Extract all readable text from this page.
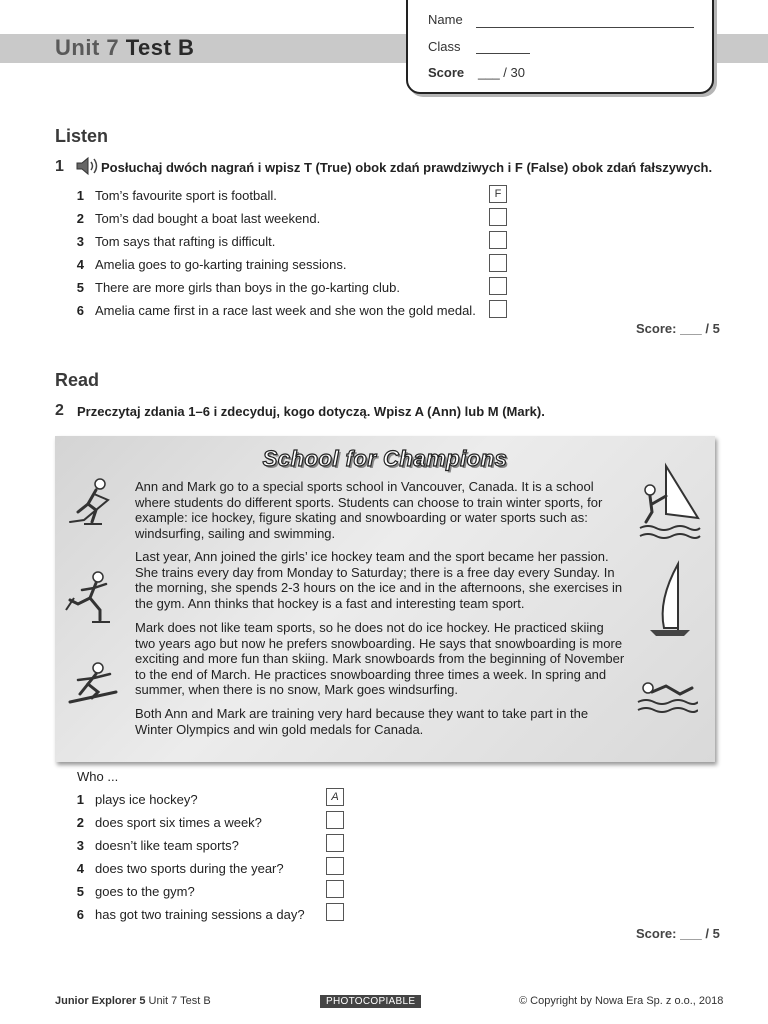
Unit 7 Test B
Name
Class
Score ___ / 30
Listen
1	Posłuchaj dwóch nagrań i wpisz T (True) obok zdań prawdziwych i F (False) obok zdań fałszywych.
1 Tom’s favourite sport is football.	F
2 Tom’s dad bought a boat last weekend.
3 Tom says that rafting is difficult.
4 Amelia goes to go-karting training sessions.
5 There are more girls than boys in the go-karting club.
6 Amelia came first in a race last week and she won the gold medal.
Score: ___ / 5
Read
2 Przeczytaj zdania 1–6 i zdecyduj, kogo dotyczą. Wpisz A (Ann) lub M (Mark).
School for Champions
Ann and Mark go to a special sports school in Vancouver, Canada. It is a school where students do different sports. Students can choose to train winter sports, for example: ice hockey, figure skating and snowboarding or water sports such as: windsurfing, sailing and swimming.
Last year, Ann joined the girls’ ice hockey team and the sport became her passion. She trains every day from Monday to Saturday; there is a free day every Sunday. In the morning, she spends 2-3 hours on the ice and in the afternoons, she exercises in the gym. Ann thinks that hockey is a fast and interesting team sport.
Mark does not like team sports, so he does not do ice hockey. He practiced skiing two years ago but now he prefers snowboarding. He says that snowboarding is more exciting and more fun than skiing. Mark snowboards from the beginning of November to the end of March. He practices snowboarding three times a week. In spring and summer, when there is no snow, Mark goes windsurfing.
Both Ann and Mark are training very hard because they want to take part in the Winter Olympics and win gold medals for Canada.
Who ...
1 plays ice hockey?	A
2 does sport six times a week?
3 doesn’t like team sports?
4 does two sports during the year?
5 goes to the gym?
6 has got two training sessions a day?
Score: ___ / 5
Junior Explorer 5 Unit 7 Test B	PHOTOCOPIABLE	© Copyright by Nowa Era Sp. z o.o., 2018
